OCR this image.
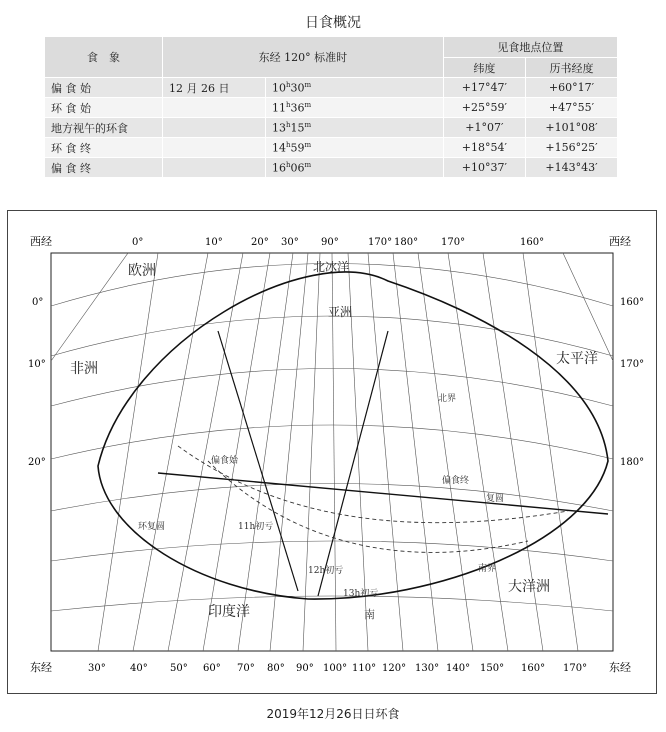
日食概况
食　象	东经 120° 标准时		见食地点位置	
			纬度	历书经度
偏 食 始	12 月 26 日	$10^h30^m$	+17°47′	+60°17′
环 食 始		$11^h36^m$	+25°59′	+47°55′
地方视午的环食		$13^h15^m$	+1°07′	+101°08′
环 食 终		$14^h59^m$	+18°54′	+156°25′
偏 食 终		$16^h06^m$	+10°37′	+143°43′
西经	西经
东经	东经
0°	10°	20° 30° 90°	170° 180° 170°	160°
30° 40° 50° 60° 70° 80° 90° 100° 110° 120° 130° 140° 150° 160° 170°
0°
10°
20°
160°
170°
180°
欧洲
非洲
亚洲
北冰洋
太平洋
印度洋
大洋洲
偏食始
偏食终
环复圆	11h初亏
12h初亏
13h初亏
复圆
南
北界
南界
2019年12月26日日环食
